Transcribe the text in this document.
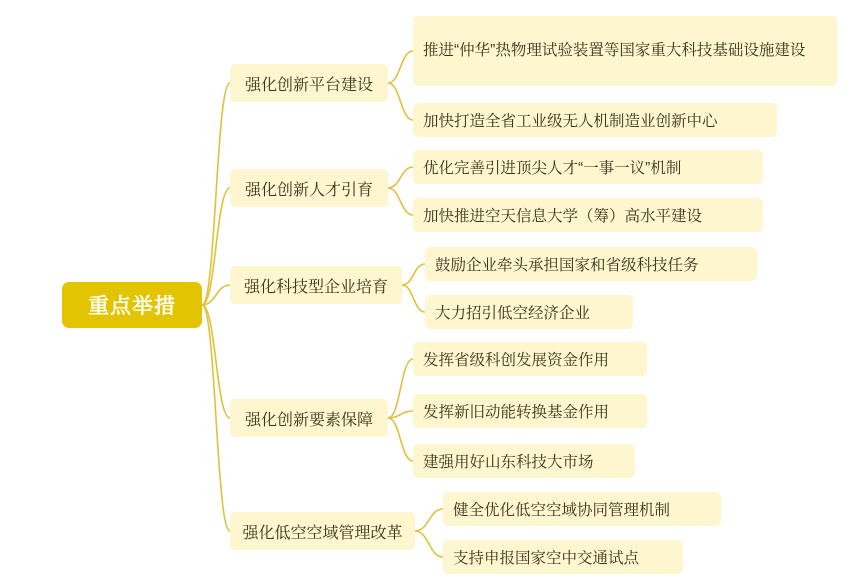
重点举措
强化创新平台建设
推进“仲华”热物理试验装置等国家重大科技基础设施建设
加快打造全省工业级无人机制造业创新中心
强化创新人才引育
优化完善引进顶尖人才“一事一议”机制
加快推进空天信息大学（筹）高水平建设
强化科技型企业培育
鼓励企业牵头承担国家和省级科技任务
大力招引低空经济企业
强化创新要素保障
发挥省级科创发展资金作用
发挥新旧动能转换基金作用
建强用好山东科技大市场
强化低空空域管理改革
健全优化低空空域协同管理机制
支持申报国家空中交通试点
